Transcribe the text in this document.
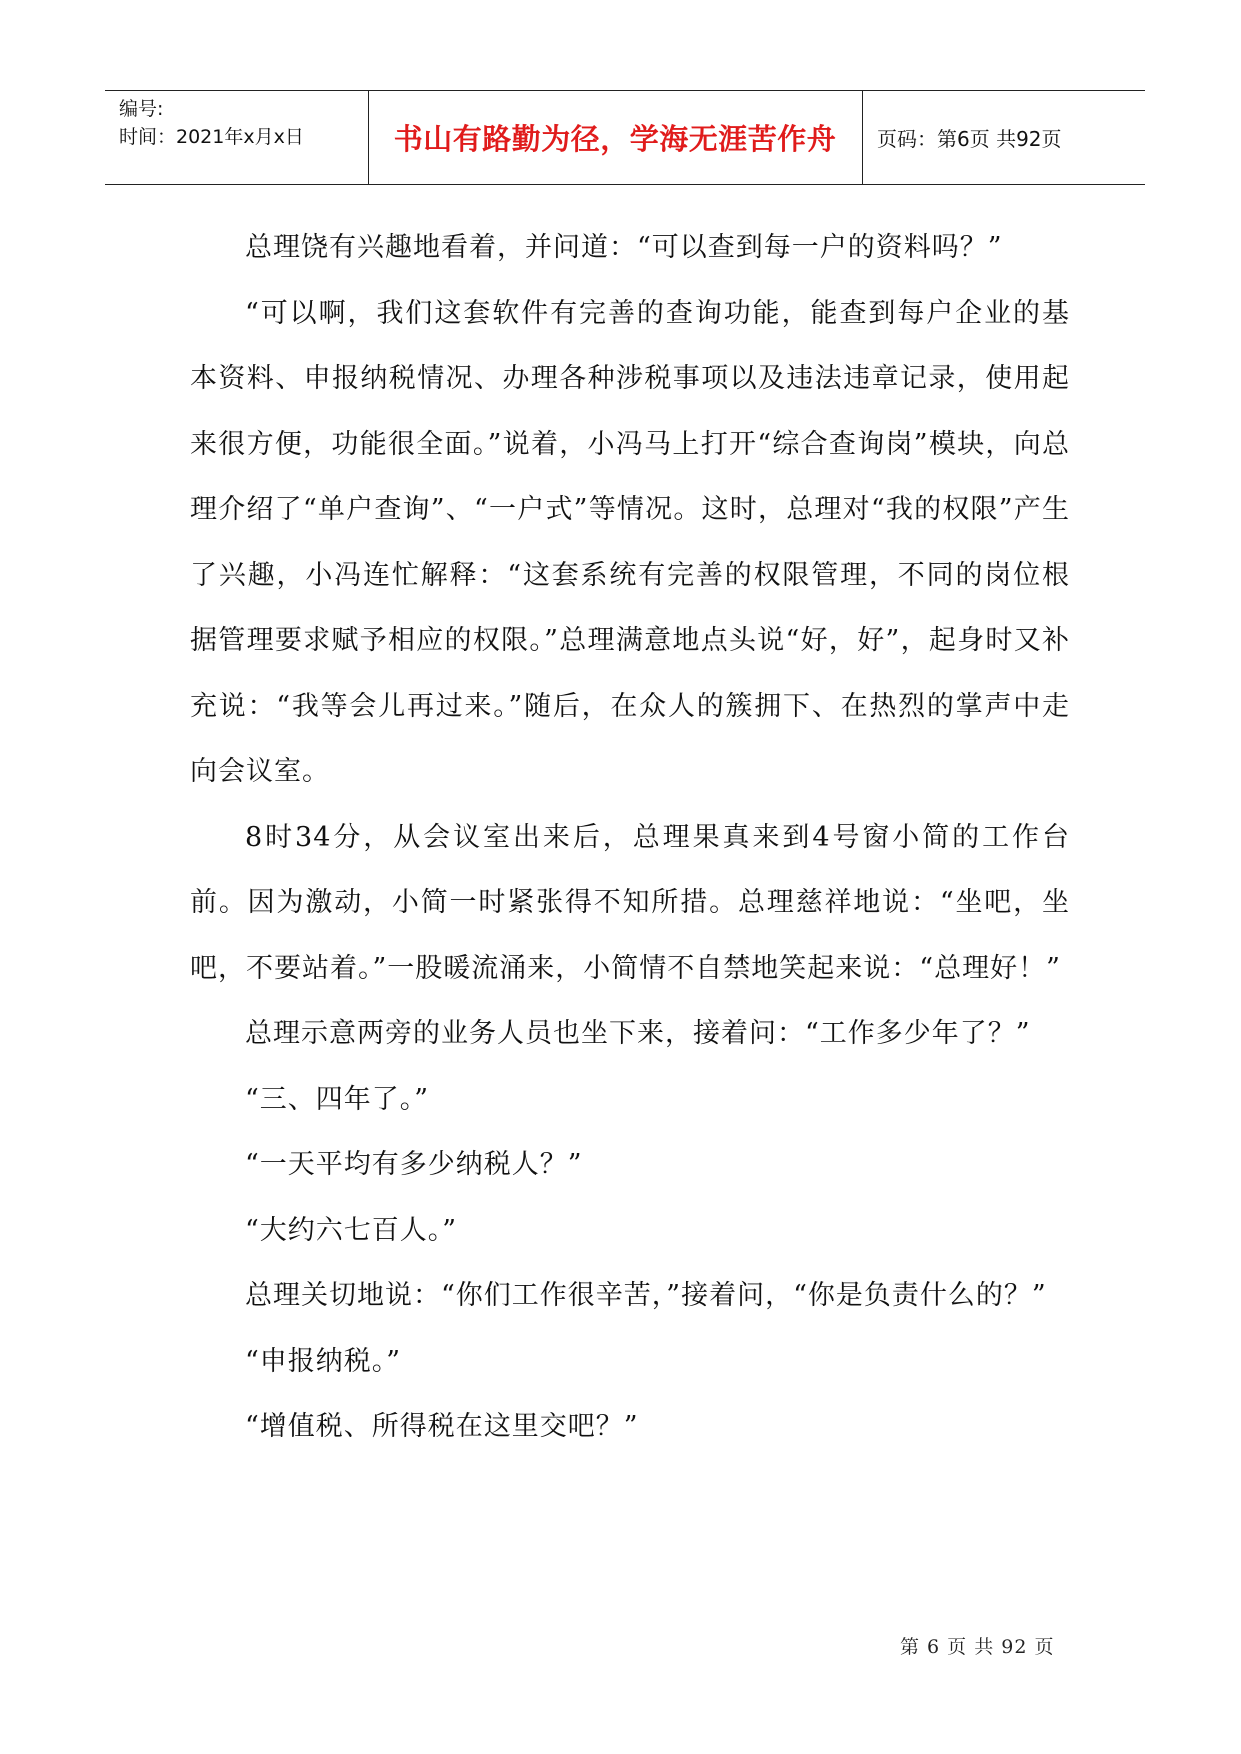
编号:
时间：2021年x月x日	书山有路勤为径，学海无涯苦作舟	页码：第6页 共92页

总理饶有兴趣地看着，并问道：“可以查到每一户的资料吗？”

“可以啊，我们这套软件有完善的查询功能，能查到每户企业的基本资料、申报纳税情况、办理各种涉税事项以及违法违章记录，使用起来很方便，功能很全面。”说着，小冯马上打开“综合查询岗”模块，向总理介绍了“单户查询”、“一户式”等情况。这时，总理对“我的权限”产生了兴趣，小冯连忙解释：“这套系统有完善的权限管理，不同的岗位根据管理要求赋予相应的权限。”总理满意地点头说“好，好”，起身时又补充说：“我等会儿再过来。”随后，在众人的簇拥下、在热烈的掌声中走向会议室。

8时34分，从会议室出来后，总理果真来到4号窗小简的工作台前。因为激动，小简一时紧张得不知所措。总理慈祥地说：“坐吧，坐吧，不要站着。”一股暖流涌来，小简情不自禁地笑起来说：“总理好！”

总理示意两旁的业务人员也坐下来，接着问：“工作多少年了？”

“三、四年了。”

“一天平均有多少纳税人？”

“大约六七百人。”

总理关切地说：“你们工作很辛苦，”接着问，“你是负责什么的？”

“申报纳税。”

“增值税、所得税在这里交吧？”

第 6 页 共 92 页
